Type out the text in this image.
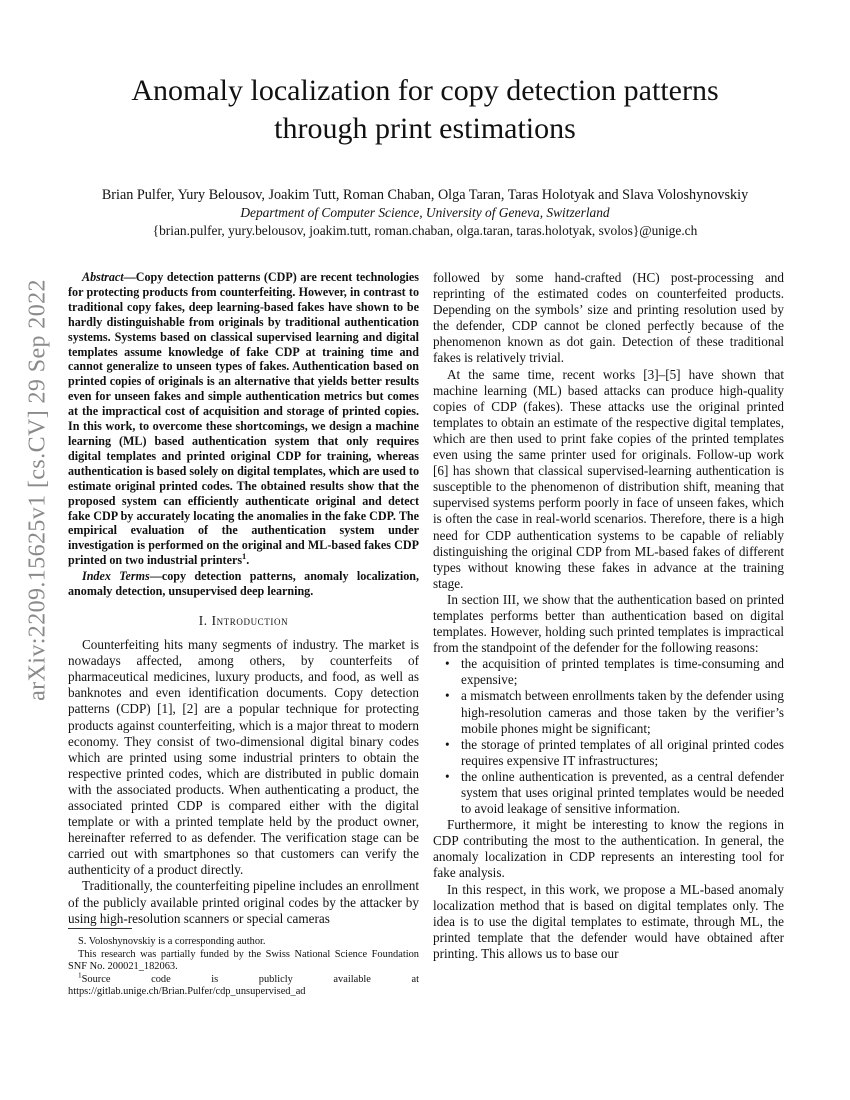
arXiv:2209.15625v1 [cs.CV] 29 Sep 2022
Anomaly localization for copy detection patterns
through print estimations
Brian Pulfer, Yury Belousov, Joakim Tutt, Roman Chaban, Olga Taran, Taras Holotyak and Slava Voloshynovskiy
Department of Computer Science, University of Geneva, Switzerland
{brian.pulfer, yury.belousov, joakim.tutt, roman.chaban, olga.taran, taras.holotyak, svolos}@unige.ch

Abstract—Copy detection patterns (CDP) are recent technologies for protecting products from counterfeiting. However, in contrast to traditional copy fakes, deep learning-based fakes have shown to be hardly distinguishable from originals by traditional authentication systems. Systems based on classical supervised learning and digital templates assume knowledge of fake CDP at training time and cannot generalize to unseen types of fakes. Authentication based on printed copies of originals is an alternative that yields better results even for unseen fakes and simple authentication metrics but comes at the impractical cost of acquisition and storage of printed copies. In this work, to overcome these shortcomings, we design a machine learning (ML) based authentication system that only requires digital templates and printed original CDP for training, whereas authentication is based solely on digital templates, which are used to estimate original printed codes. The obtained results show that the proposed system can efficiently authenticate original and detect fake CDP by accurately locating the anomalies in the fake CDP. The empirical evaluation of the authentication system under investigation is performed on the original and ML-based fakes CDP printed on two industrial printers$^1$.

Index Terms—copy detection patterns, anomaly localization, anomaly detection, unsupervised deep learning.

I. Introduction

Counterfeiting hits many segments of industry. The market is nowadays affected, among others, by counterfeits of pharmaceutical medicines, luxury products, and food, as well as banknotes and even identification documents. Copy detection patterns (CDP) [1], [2] are a popular technique for protecting products against counterfeiting, which is a major threat to modern economy. They consist of two-dimensional digital binary codes which are printed using some industrial printers to obtain the respective printed codes, which are distributed in public domain with the associated products. When authenticating a product, the associated printed CDP is compared either with the digital template or with a printed template held by the product owner, hereinafter referred to as defender. The verification stage can be carried out with smartphones so that customers can verify the authenticity of a product directly.

Traditionally, the counterfeiting pipeline includes an enrollment of the publicly available printed original codes by the attacker by using high-resolution scanners or special cameras

followed by some hand-crafted (HC) post-processing and reprinting of the estimated codes on counterfeited products. Depending on the symbols’ size and printing resolution used by the defender, CDP cannot be cloned perfectly because of the phenomenon known as dot gain. Detection of these traditional fakes is relatively trivial.

At the same time, recent works [3]–[5] have shown that machine learning (ML) based attacks can produce high-quality copies of CDP (fakes). These attacks use the original printed templates to obtain an estimate of the respective digital templates, which are then used to print fake copies of the printed templates even using the same printer used for originals. Follow-up work [6] has shown that classical supervised-learning authentication is susceptible to the phenomenon of distribution shift, meaning that supervised systems perform poorly in face of unseen fakes, which is often the case in real-world scenarios. Therefore, there is a high need for CDP authentication systems to be capable of reliably distinguishing the original CDP from ML-based fakes of different types without knowing these fakes in advance at the training stage.

In section III, we show that the authentication based on printed templates performs better than authentication based on digital templates. However, holding such printed templates is impractical from the standpoint of the defender for the following reasons:

• the acquisition of printed templates is time-consuming and expensive;
• a mismatch between enrollments taken by the defender using high-resolution cameras and those taken by the verifier’s mobile phones might be significant;
• the storage of printed templates of all original printed codes requires expensive IT infrastructures;
• the online authentication is prevented, as a central defender system that uses original printed templates would be needed to avoid leakage of sensitive information.

Furthermore, it might be interesting to know the regions in CDP contributing the most to the authentication. In general, the anomaly localization in CDP represents an interesting tool for fake analysis.

In this respect, in this work, we propose a ML-based anomaly localization method that is based on digital templates only. The idea is to use the digital templates to estimate, through ML, the printed template that the defender would have obtained after printing. This allows us to base our

S. Voloshynovskiy is a corresponding author.

This research was partially funded by the Swiss National Science Foundation SNF No. 200021_182063.

$^1$Source code is publicly available at https://gitlab.unige.ch/Brian.Pulfer/cdp_unsupervised_ad
